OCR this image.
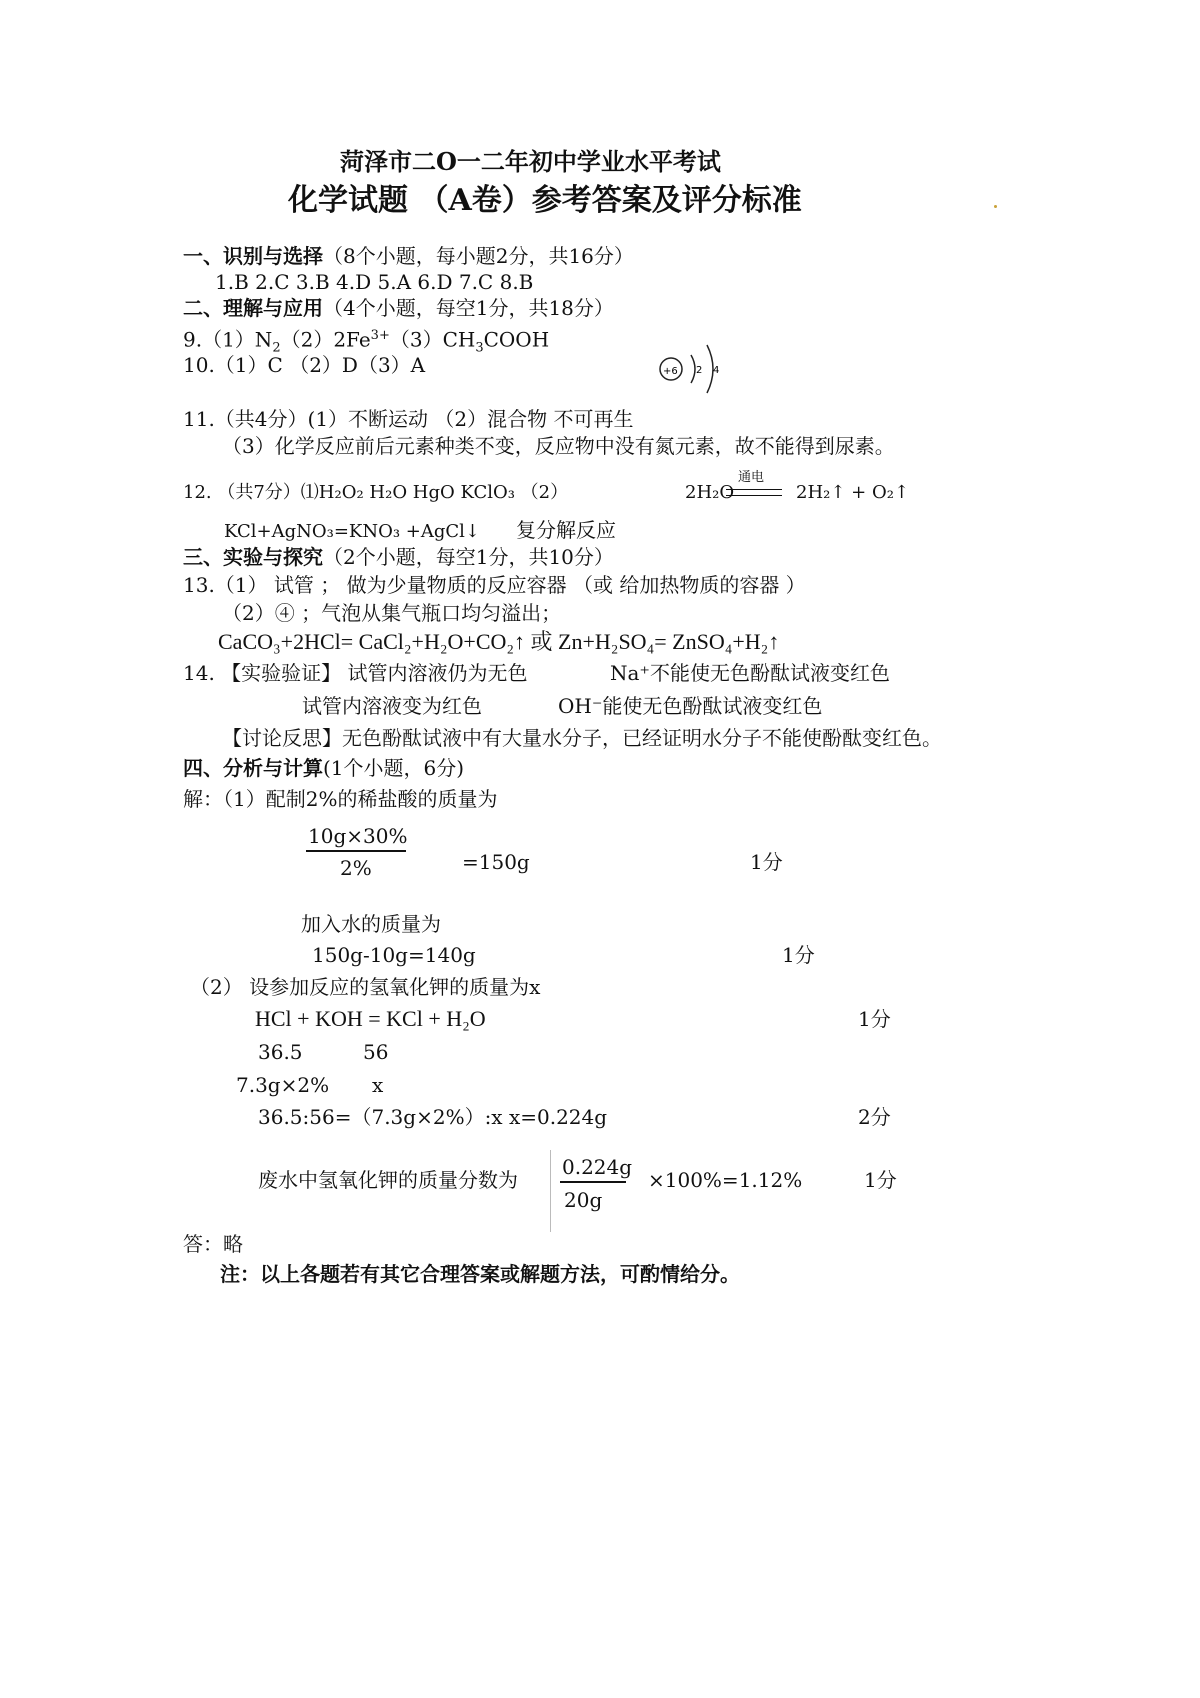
菏泽市二O一二年初中学业水平考试
化学试题 （A卷）参考答案及评分标准
一、识别与选择（8个小题，每小题2分，共16分）
1.B 2.C 3.B 4.D 5.A 6.D 7.C 8.B
二、理解与应用（4个小题，每空1分，共18分）
$9.(1)N_2(2)2Fe^{3+}(3)CH_3COOH$
10.（1）C （2）D（3）A	+6 2 4
11.（共4分）(1）不断运动 （2）混合物 不可再生
（3）化学反应前后元素种类不变，反应物中没有氮元素，故不能得到尿素。
12. （共7分）⑴H₂O₂ H₂O HgO KClO₃ （2）	2H₂O
通电
2H₂↑ + O₂↑
KCl+AgNO₃=KNO₃ +AgCl↓ 复分解反应
三、实验与探究（2个小题，每空1分，共10分）
13.（1） 试管 ； 做为少量物质的反应容器 （或 给加热物质的容器 ）
（2）④ ；气泡从集气瓶口均匀溢出；
CaCO₃+2HCl= CaCl₂+H₂O+CO₂↑ 或 Zn+H₂SO₄= ZnSO₄+H₂↑
14. 【实验验证】 试管内溶液仍为无色	Na⁺不能使无色酚酞试液变红色
试管内溶液变为红色	OH⁻能使无色酚酞试液变红色
【讨论反思】无色酚酞试液中有大量水分子，已经证明水分子不能使酚酞变红色。
四、分析与计算(1个小题，6分)
解：（1）配制2%的稀盐酸的质量为
10g×30%
2%	=150g	1分
加入水的质量为
150g-10g=140g	1分
（2） 设参加反应的氢氧化钾的质量为x
HCl + KOH = KCl + H₂O	1分
36.5	56
7.3g×2% x
36.5:56=（7.3g×2%）:x x=0.224g	2分
废水中氢氧化钾的质量分数为
0.224g
20g
×100%=1.12%	1分
答：略
注：以上各题若有其它合理答案或解题方法，可酌情给分。
